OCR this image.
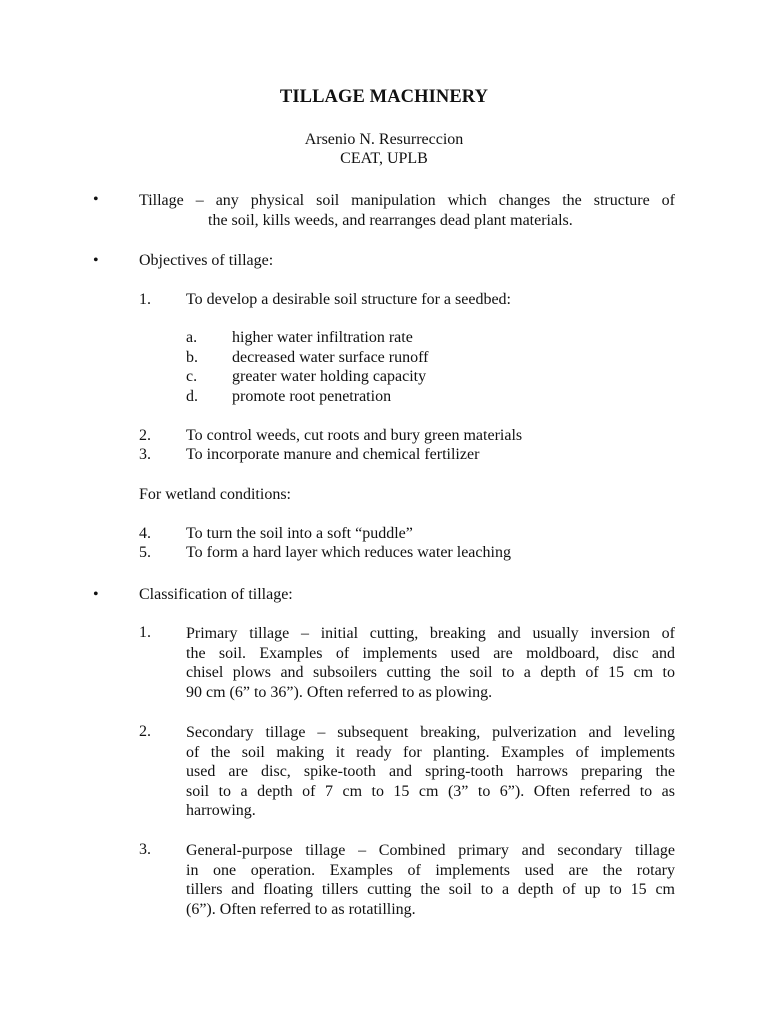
TILLAGE MACHINERY
Arsenio N. Resurreccion
CEAT, UPLB
•	Tillage – any physical soil manipulation which changes the structure of
the soil, kills weeds, and rearranges dead plant materials.
•	Objectives of tillage:
1. To develop a desirable soil structure for a seedbed:
a. higher water infiltration rate
b. decreased water surface runoff
c. greater water holding capacity
d. promote root penetration
2. To control weeds, cut roots and bury green materials
3. To incorporate manure and chemical fertilizer
For wetland conditions:
4. To turn the soil into a soft “puddle”
5. To form a hard layer which reduces water leaching
•	Classification of tillage:
1. Primary tillage – initial cutting, breaking and usually inversion of
the soil. Examples of implements used are moldboard, disc and
chisel plows and subsoilers cutting the soil to a depth of 15 cm to
90 cm (6” to 36”). Often referred to as plowing.
2. Secondary tillage – subsequent breaking, pulverization and leveling
of the soil making it ready for planting. Examples of implements
used are disc, spike-tooth and spring-tooth harrows preparing the
soil to a depth of 7 cm to 15 cm (3” to 6”). Often referred to as
harrowing.
3. General-purpose tillage – Combined primary and secondary tillage
in one operation. Examples of implements used are the rotary
tillers and floating tillers cutting the soil to a depth of up to 15 cm
(6”). Often referred to as rotatilling.
